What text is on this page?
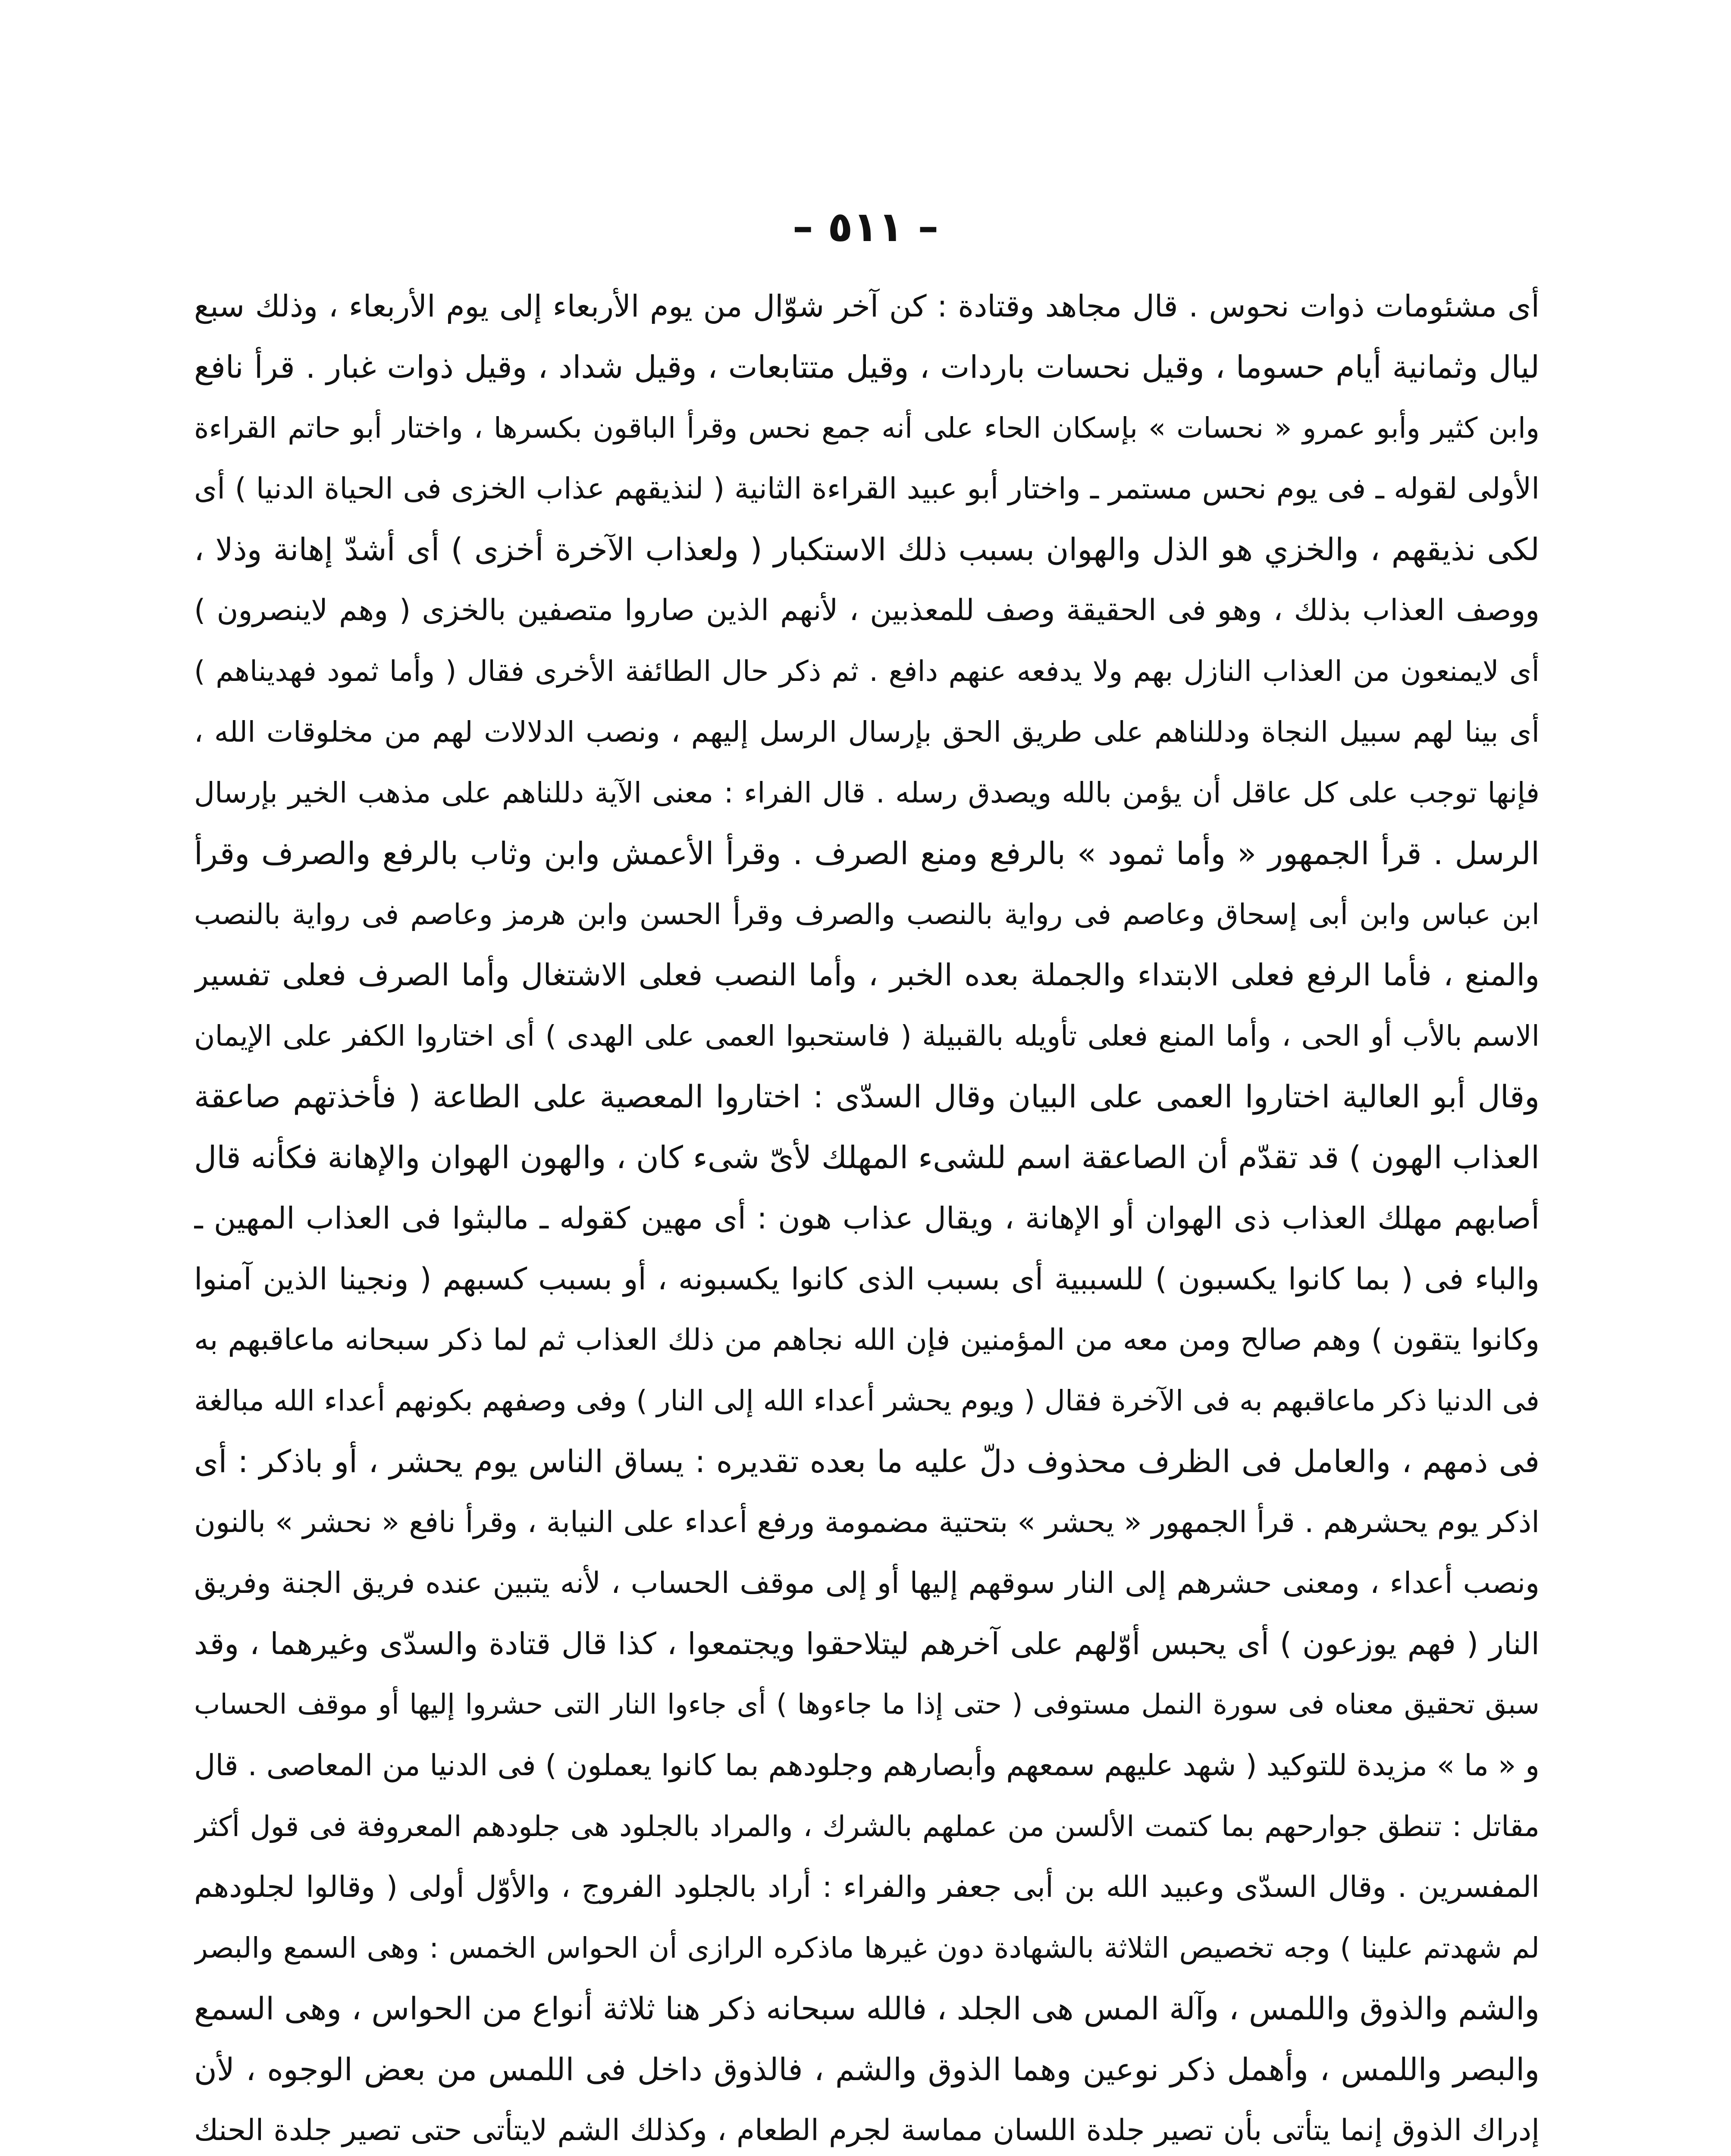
– ٥١١ –
أى مشئومات ذوات نحوس . قال مجاهد وقتادة : كن آخر شوّال من يوم الأربعاء إلى يوم الأربعاء ، وذلك سبع
ليال وثمانية أيام حسوما ، وقيل نحسات باردات ، وقيل متتابعات ، وقيل شداد ، وقيل ذوات غبار . قرأ نافع
وابن كثير وأبو عمرو « نحسات » بإسكان الحاء على أنه جمع نحس وقرأ الباقون بكسرها ، واختار أبو حاتم القراءة
الأولى لقوله ـ فى يوم نحس مستمر ـ واختار أبو عبيد القراءة الثانية ( لنذيقهم عذاب الخزى فى الحياة الدنيا ) أى
لكى نذيقهم ، والخزي هو الذل والهوان بسبب ذلك الاستكبار ( ولعذاب الآخرة أخزى ) أى أشدّ إهانة وذلا ،
ووصف العذاب بذلك ، وهو فى الحقيقة وصف للمعذبين ، لأنهم الذين صاروا متصفين بالخزى ( وهم لاينصرون )
أى لايمنعون من العذاب النازل بهم ولا يدفعه عنهم دافع . ثم ذكر حال الطائفة الأخرى فقال ( وأما ثمود فهديناهم )
أى بينا لهم سبيل النجاة ودللناهم على طريق الحق بإرسال الرسل إليهم ، ونصب الدلالات لهم من مخلوقات الله ،
فإنها توجب على كل عاقل أن يؤمن بالله ويصدق رسله . قال الفراء : معنى الآية دللناهم على مذهب الخير بإرسال
الرسل . قرأ الجمهور « وأما ثمود » بالرفع ومنع الصرف . وقرأ الأعمش وابن وثاب بالرفع والصرف وقرأ
ابن عباس وابن أبى إسحاق وعاصم فى رواية بالنصب والصرف وقرأ الحسن وابن هرمز وعاصم فى رواية بالنصب
والمنع ، فأما الرفع فعلى الابتداء والجملة بعده الخبر ، وأما النصب فعلى الاشتغال وأما الصرف فعلى تفسير
الاسم بالأب أو الحى ، وأما المنع فعلى تأويله بالقبيلة ( فاستحبوا العمى على الهدى ) أى اختاروا الكفر على الإيمان
وقال أبو العالية اختاروا العمى على البيان وقال السدّى : اختاروا المعصية على الطاعة ( فأخذتهم صاعقة
العذاب الهون ) قد تقدّم أن الصاعقة اسم للشىء المهلك لأىّ شىء كان ، والهون الهوان والإهانة فكأنه قال
أصابهم مهلك العذاب ذى الهوان أو الإهانة ، ويقال عذاب هون : أى مهين كقوله ـ مالبثوا فى العذاب المهين ـ
والباء فى ( بما كانوا يكسبون ) للسببية أى بسبب الذى كانوا يكسبونه ، أو بسبب كسبهم ( ونجينا الذين آمنوا
وكانوا يتقون ) وهم صالح ومن معه من المؤمنين فإن الله نجاهم من ذلك العذاب ثم لما ذكر سبحانه ماعاقبهم به
فى الدنيا ذكر ماعاقبهم به فى الآخرة فقال ( ويوم يحشر أعداء الله إلى النار ) وفى وصفهم بكونهم أعداء الله مبالغة
فى ذمهم ، والعامل فى الظرف محذوف دلّ عليه ما بعده تقديره : يساق الناس يوم يحشر ، أو باذكر : أى
اذكر يوم يحشرهم . قرأ الجمهور « يحشر » بتحتية مضمومة ورفع أعداء على النيابة ، وقرأ نافع « نحشر » بالنون
ونصب أعداء ، ومعنى حشرهم إلى النار سوقهم إليها أو إلى موقف الحساب ، لأنه يتبين عنده فريق الجنة وفريق
النار ( فهم يوزعون ) أى يحبس أوّلهم على آخرهم ليتلاحقوا ويجتمعوا ، كذا قال قتادة والسدّى وغيرهما ، وقد
سبق تحقيق معناه فى سورة النمل مستوفى ( حتى إذا ما جاءوها ) أى جاءوا النار التى حشروا إليها أو موقف الحساب
و « ما » مزيدة للتوكيد ( شهد عليهم سمعهم وأبصارهم وجلودهم بما كانوا يعملون ) فى الدنيا من المعاصى . قال
مقاتل : تنطق جوارحهم بما كتمت الألسن من عملهم بالشرك ، والمراد بالجلود هى جلودهم المعروفة فى قول أكثر
المفسرين . وقال السدّى وعبيد الله بن أبى جعفر والفراء : أراد بالجلود الفروج ، والأوّل أولى ( وقالوا لجلودهم
لم شهدتم علينا ) وجه تخصيص الثلاثة بالشهادة دون غيرها ماذكره الرازى أن الحواس الخمس : وهى السمع والبصر
والشم والذوق واللمس ، وآلة المس هى الجلد ، فالله سبحانه ذكر هنا ثلاثة أنواع من الحواس ، وهى السمع
والبصر واللمس ، وأهمل ذكر نوعين وهما الذوق والشم ، فالذوق داخل فى اللمس من بعض الوجوه ، لأن
إدراك الذوق إنما يتأتى بأن تصير جلدة اللسان مماسة لجرم الطعام ، وكذلك الشم لايتأتى حتى تصير جلدة الحنك
